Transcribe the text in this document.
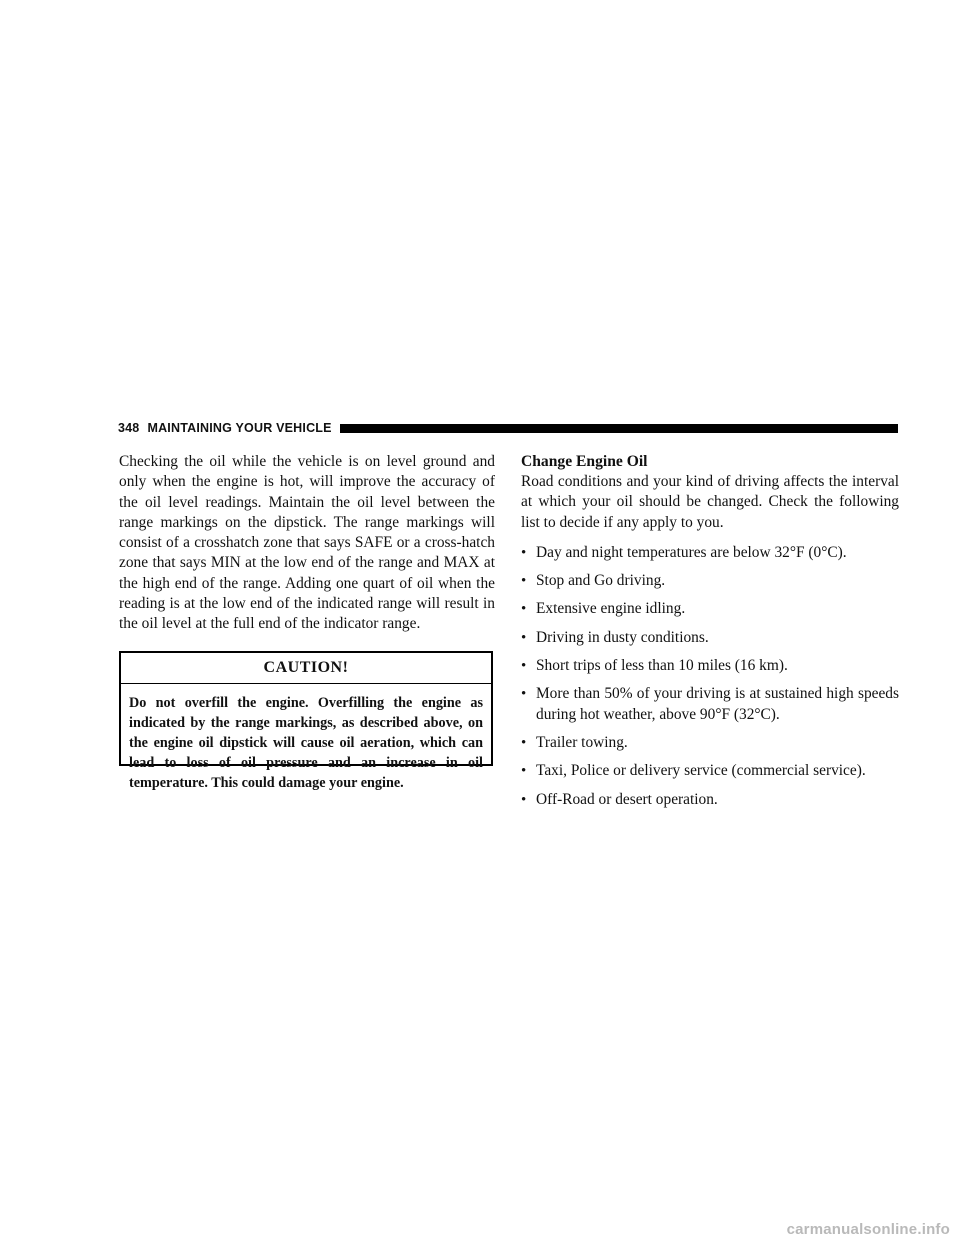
348 MAINTAINING YOUR VEHICLE

Checking the oil while the vehicle is on level ground and only when the engine is hot, will improve the accuracy of the oil level readings. Maintain the oil level between the range markings on the dipstick. The range markings will consist of a crosshatch zone that says SAFE or a cross-hatch zone that says MIN at the low end of the range and MAX at the high end of the range. Adding one quart of oil when the reading is at the low end of the indicated range will result in the oil level at the full end of the indicator range.

CAUTION!
Do not overfill the engine. Overfilling the engine as indicated by the range markings, as described above, on the engine oil dipstick will cause oil aeration, which can lead to loss of oil pressure and an increase in oil temperature. This could damage your engine.
Change Engine Oil
Road conditions and your kind of driving affects the interval at which your oil should be changed. Check the following list to decide if any apply to you.
• Day and night temperatures are below 32°F (0°C).
• Stop and Go driving.
• Extensive engine idling.
• Driving in dusty conditions.
• Short trips of less than 10 miles (16 km).
• More than 50% of your driving is at sustained high speeds during hot weather, above 90°F (32°C).
• Trailer towing.
• Taxi, Police or delivery service (commercial service).
• Off-Road or desert operation.
carmanualsonline.info
